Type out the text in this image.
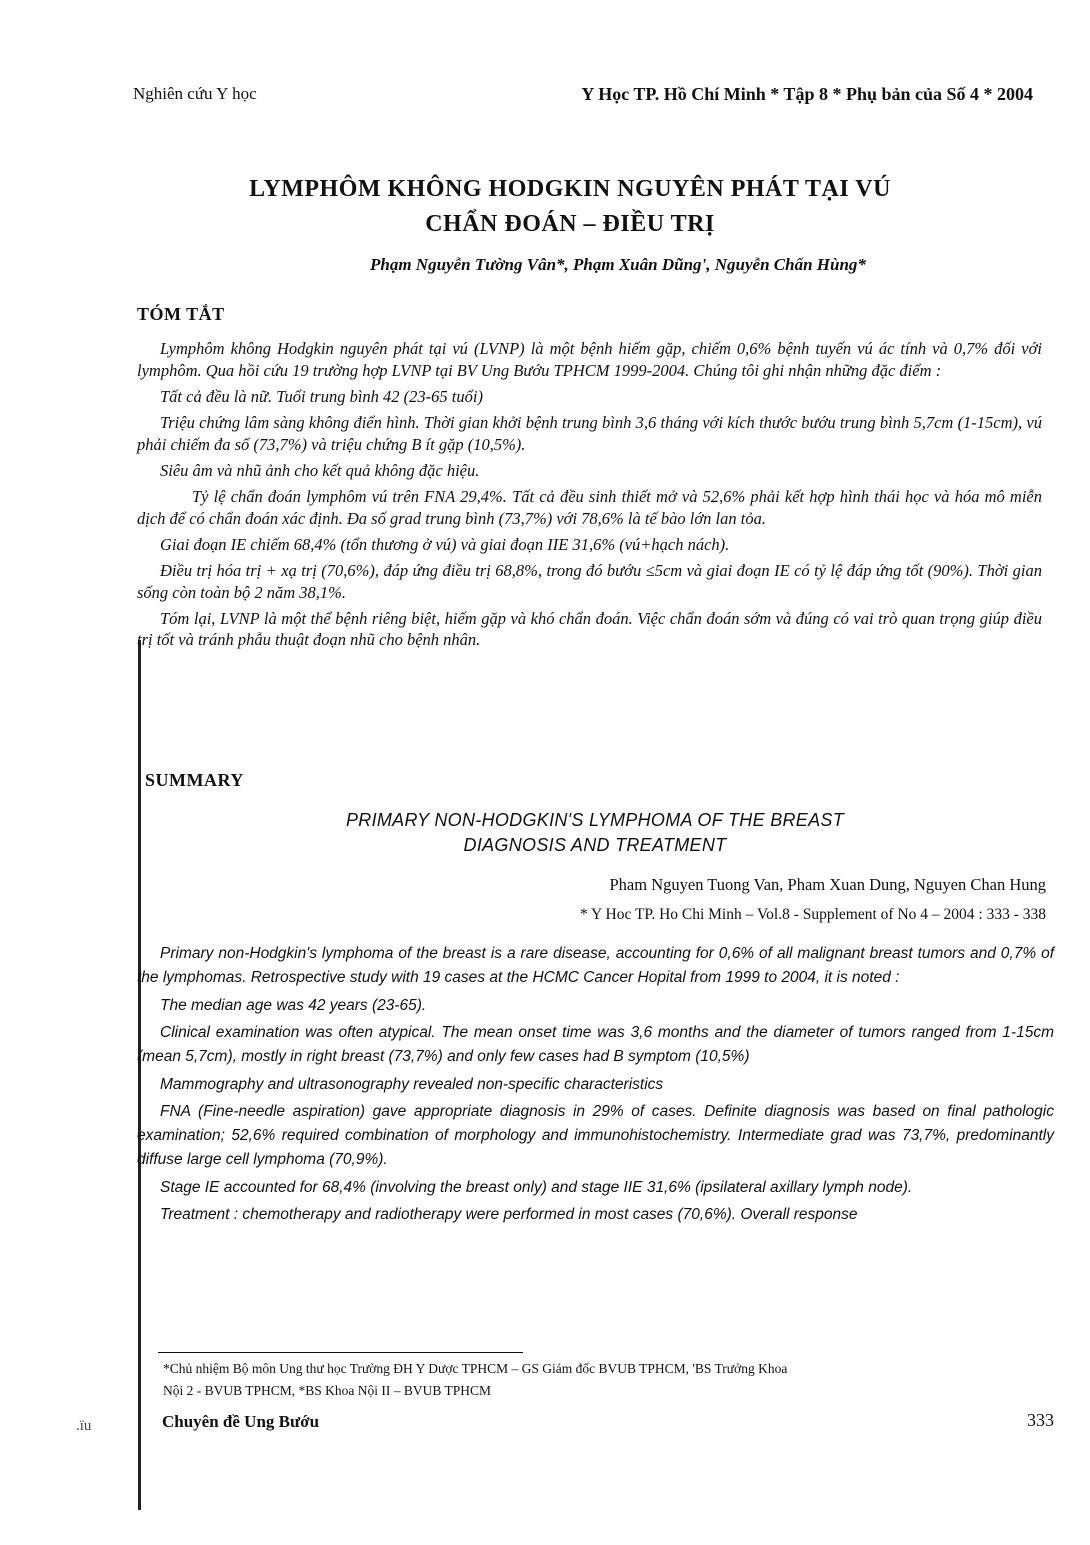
.ïu
Nghiên cứu Y học	Y Học TP. Hồ Chí Minh * Tập 8 * Phụ bản của Số 4 * 2004
LYMPHÔM KHÔNG HODGKIN NGUYÊN PHÁT TẠI VÚ
CHẨN ĐOÁN – ĐIỀU TRỊ
Phạm Nguyễn Tường Vân*, Phạm Xuân Dũng', Nguyễn Chấn Hùng*
TÓM TẮT

Lymphôm không Hodgkin nguyên phát tại vú (LVNP) là một bệnh hiếm gặp, chiếm 0,6% bệnh tuyến vú ác tính và 0,7% đối với lymphôm. Qua hồi cứu 19 trường hợp LVNP tại BV Ung Bướu TPHCM 1999-2004. Chúng tôi ghi nhận những đặc điểm :

Tất cả đều là nữ. Tuổi trung bình 42 (23-65 tuổi)

Triệu chứng lâm sàng không điển hình. Thời gian khởi bệnh trung bình 3,6 tháng với kích thước bướu trung bình 5,7cm (1-15cm), vú phải chiếm đa số (73,7%) và triệu chứng B ít gặp (10,5%).

Siêu âm và nhũ ảnh cho kết quả không đặc hiệu.

Tỷ lệ chẩn đoán lymphôm vú trên FNA 29,4%. Tất cả đều sinh thiết mở và 52,6% phải kết hợp hình thái học và hóa mô miễn dịch để có chẩn đoán xác định. Đa số grad trung bình (73,7%) với 78,6% là tế bào lớn lan tỏa.

Giai đoạn IE chiếm 68,4% (tổn thương ở vú) và giai đoạn IIE 31,6% (vú+hạch nách).

Điều trị hóa trị + xạ trị (70,6%), đáp ứng điều trị 68,8%, trong đó bướu ≤5cm và giai đoạn IE có tỷ lệ đáp ứng tốt (90%). Thời gian sống còn toàn bộ 2 năm 38,1%.

Tóm lại, LVNP là một thể bệnh riêng biệt, hiếm gặp và khó chẩn đoán. Việc chẩn đoán sớm và đúng có vai trò quan trọng giúp điều trị tốt và tránh phẫu thuật đoạn nhũ cho bệnh nhân.

SUMMARY
PRIMARY NON-HODGKIN'S LYMPHOMA OF THE BREAST
DIAGNOSIS AND TREATMENT
Pham Nguyen Tuong Van, Pham Xuan Dung, Nguyen Chan Hung
* Y Hoc TP. Ho Chi Minh – Vol.8 - Supplement of No 4 – 2004 : 333 - 338

Primary non-Hodgkin's lymphoma of the breast is a rare disease, accounting for 0,6% of all malignant breast tumors and 0,7% of the lymphomas. Retrospective study with 19 cases at the HCMC Cancer Hopital from 1999 to 2004, it is noted :

The median age was 42 years (23-65).

Clinical examination was often atypical. The mean onset time was 3,6 months and the diameter of tumors ranged from 1-15cm (mean 5,7cm), mostly in right breast (73,7%) and only few cases had B symptom (10,5%)

Mammography and ultrasonography revealed non-specific characteristics

FNA (Fine-needle aspiration) gave appropriate diagnosis in 29% of cases. Definite diagnosis was based on final pathologic examination; 52,6% required combination of morphology and immunohistochemistry. Intermediate grad was 73,7%, predominantly diffuse large cell lymphoma (70,9%).

Stage IE accounted for 68,4% (involving the breast only) and stage IIE 31,6% (ipsilateral axillary lymph node).

Treatment : chemotherapy and radiotherapy were performed in most cases (70,6%). Overall response

*Chủ nhiệm Bộ môn Ung thư học Trường ĐH Y Dược TPHCM – GS Giám đốc BVUB TPHCM, 'BS Trưởng Khoa
Nội 2 - BVUB TPHCM, *BS Khoa Nội II – BVUB TPHCM
Chuyên đề Ung Bướu	333
